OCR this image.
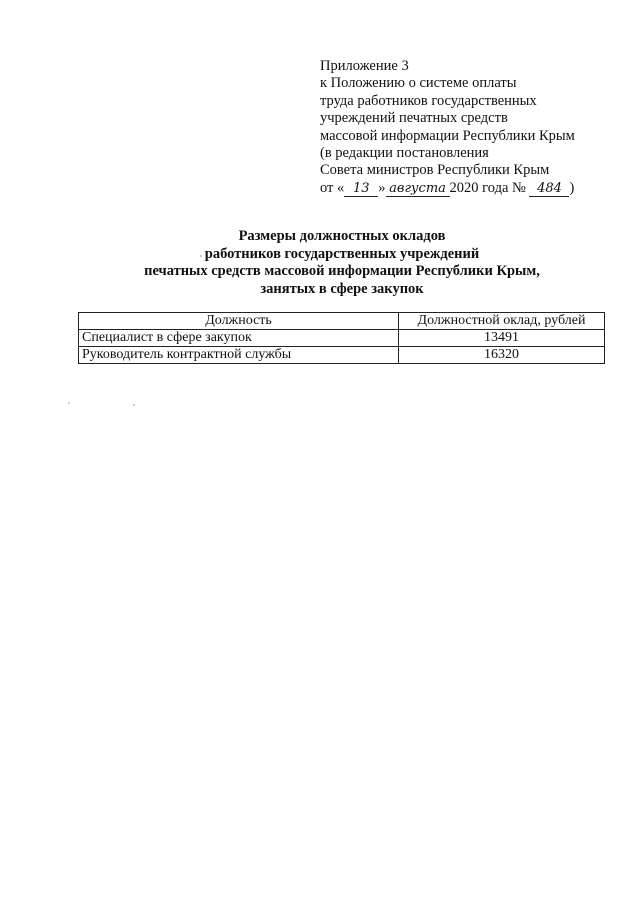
Приложение 3
к Положению о системе оплаты
труда работников государственных
учреждений печатных средств
массовой информации Республики Крым
(в редакции постановления
Совета министров Республики Крым
от « 13 » августа 2020 года № 484 )
Размеры должностных окладов
работников государственных учреждений
печатных средств массовой информации Республики Крым,
занятых в сфере закупок
Должность	Должностной оклад, рублей
Специалист в сфере закупок	13491
Руководитель контрактной службы	16320
